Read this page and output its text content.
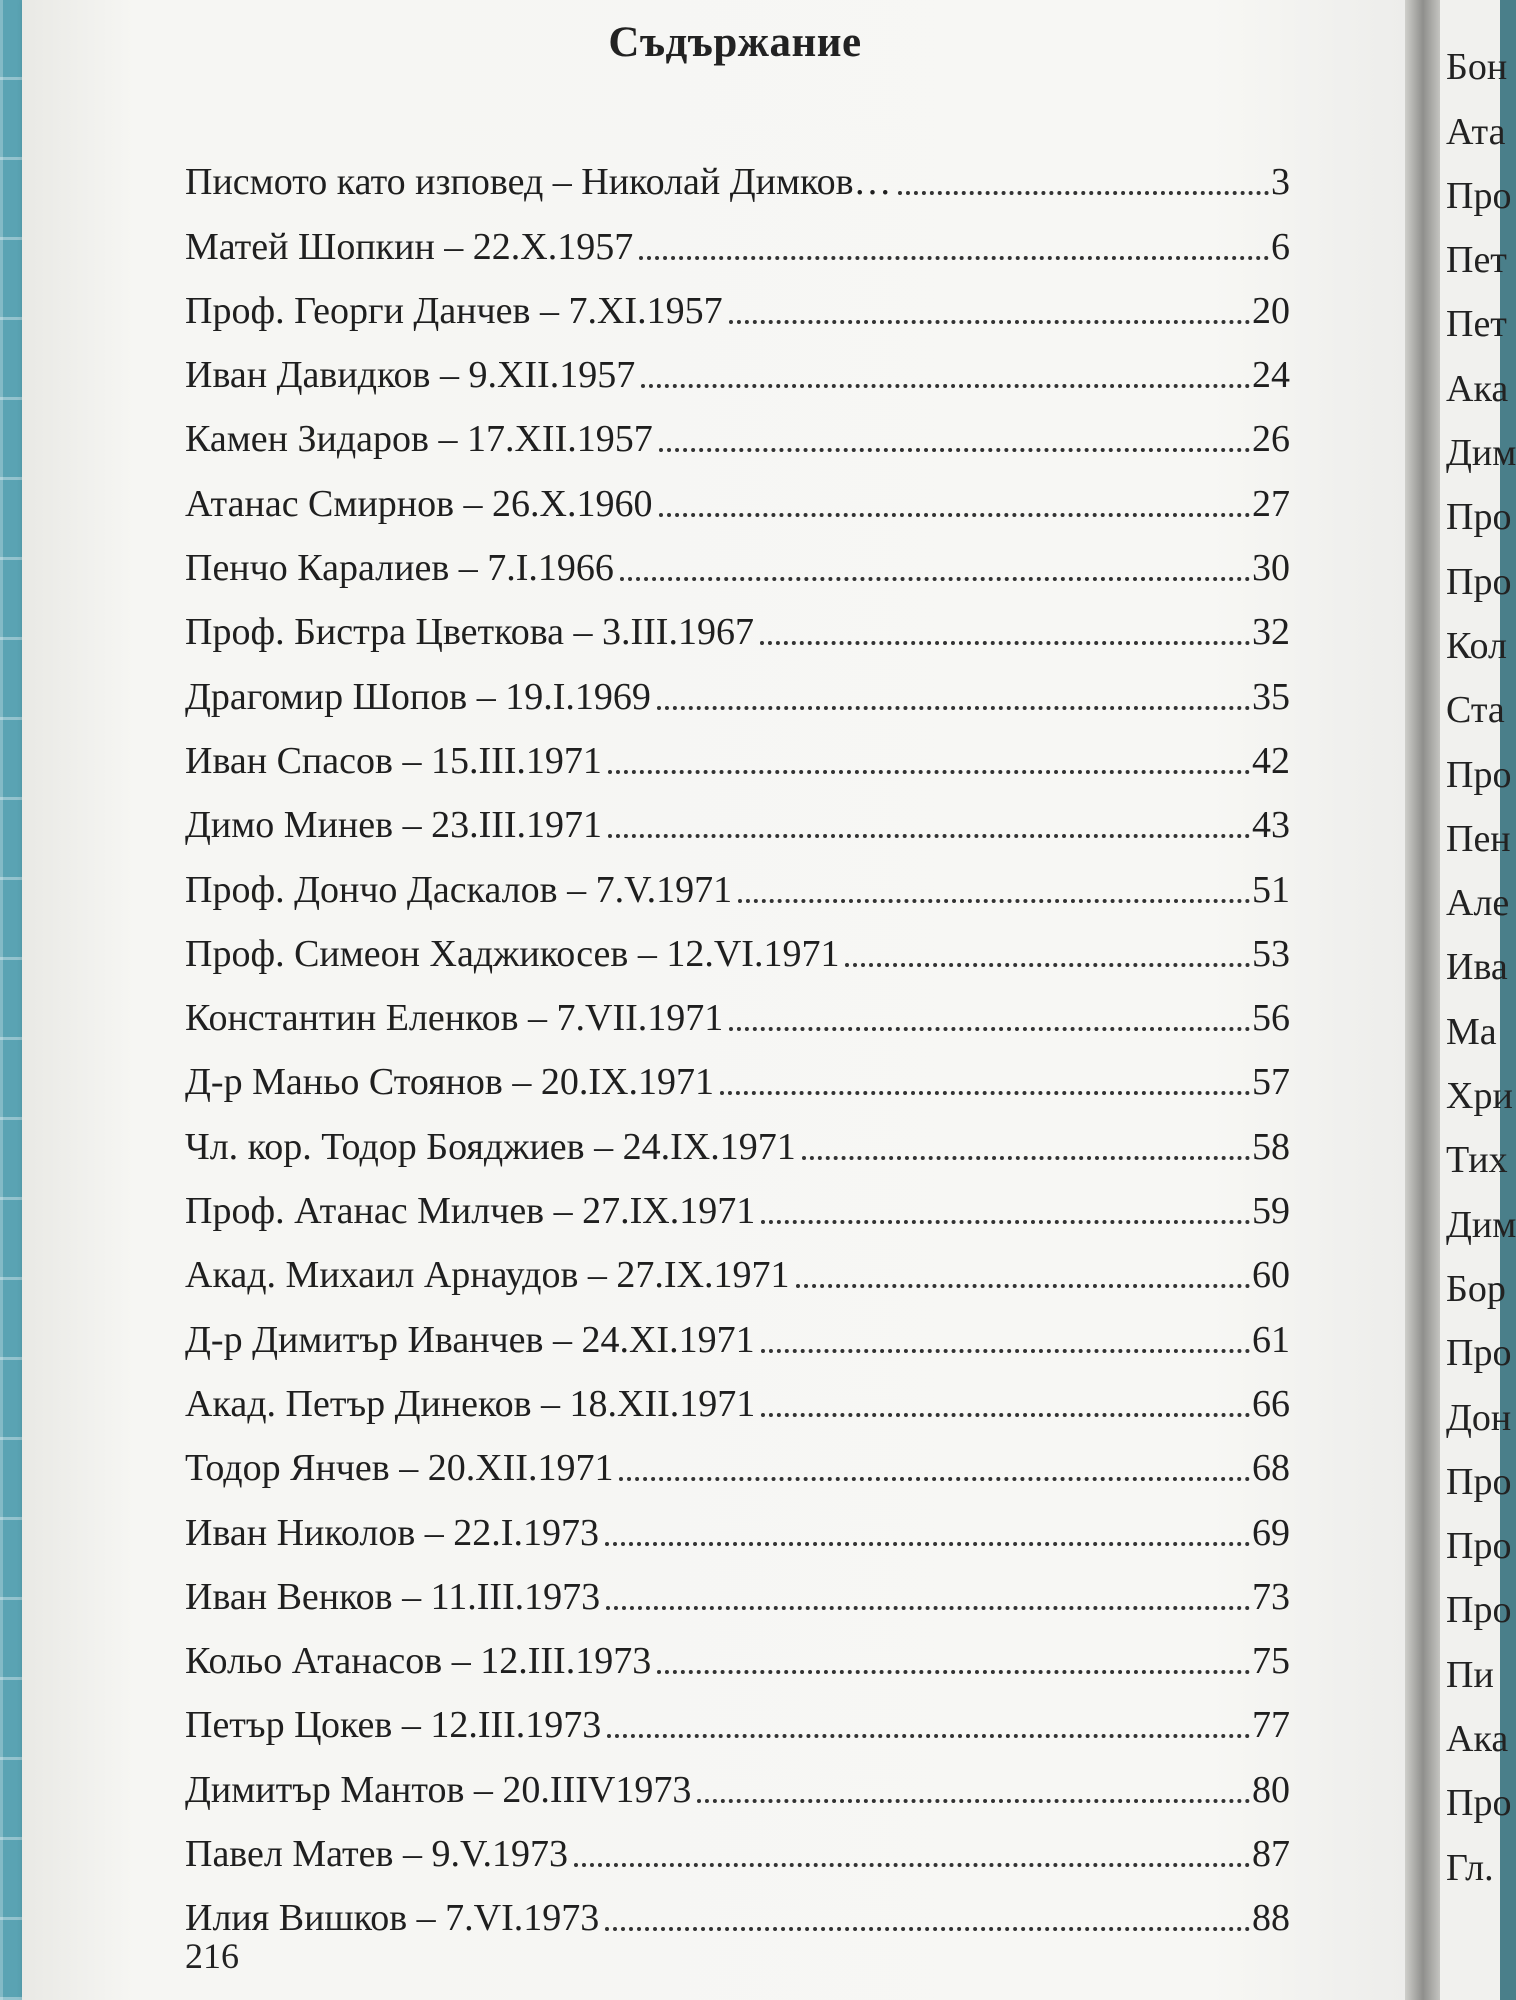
Съдържание
Писмото като изповед – Николай Димков…	3
Матей Шопкин – 22.X.1957	6
Проф. Георги Данчев – 7.XI.1957	20
Иван Давидков – 9.XII.1957	24
Камен Зидаров – 17.XII.1957	26
Атанас Смирнов – 26.X.1960	27
Пенчо Каралиев – 7.I.1966	30
Проф. Бистра Цветкова – 3.III.1967	32
Драгомир Шопов – 19.I.1969	35
Иван Спасов – 15.III.1971	42
Димо Минев – 23.III.1971	43
Проф. Дончо Даскалов – 7.V.1971	51
Проф. Симеон Хаджикосев – 12.VI.1971	53
Константин Еленков – 7.VII.1971	56
Д-р Маньо Стоянов – 20.IX.1971	57
Чл. кор. Тодор Бояджиев – 24.IX.1971	58
Проф. Атанас Милчев – 27.IX.1971	59
Акад. Михаил Арнаудов – 27.IX.1971	60
Д-р Димитър Иванчев – 24.XI.1971	61
Акад. Петър Динеков – 18.XII.1971	66
Тодор Янчев – 20.XII.1971	68
Иван Николов – 22.I.1973	69
Иван Венков – 11.III.1973	73
Кольо Атанасов – 12.III.1973	75
Петър Цокев – 12.III.1973	77
Димитър Мантов – 20.IIIV1973	80
Павел Матев – 9.V.1973	87
Илия Вишков – 7.VI.1973	88
216
Бон
Ата
Про
Пет
Пет
Ака
Дим
Про
Про
Кол
Ста
Про
Пен
Але
Ива
Ма
Хри
Тих
Дим
Бор
Про
Дон
Про
Про
Про
Пи
Ака
Про
Гл.
